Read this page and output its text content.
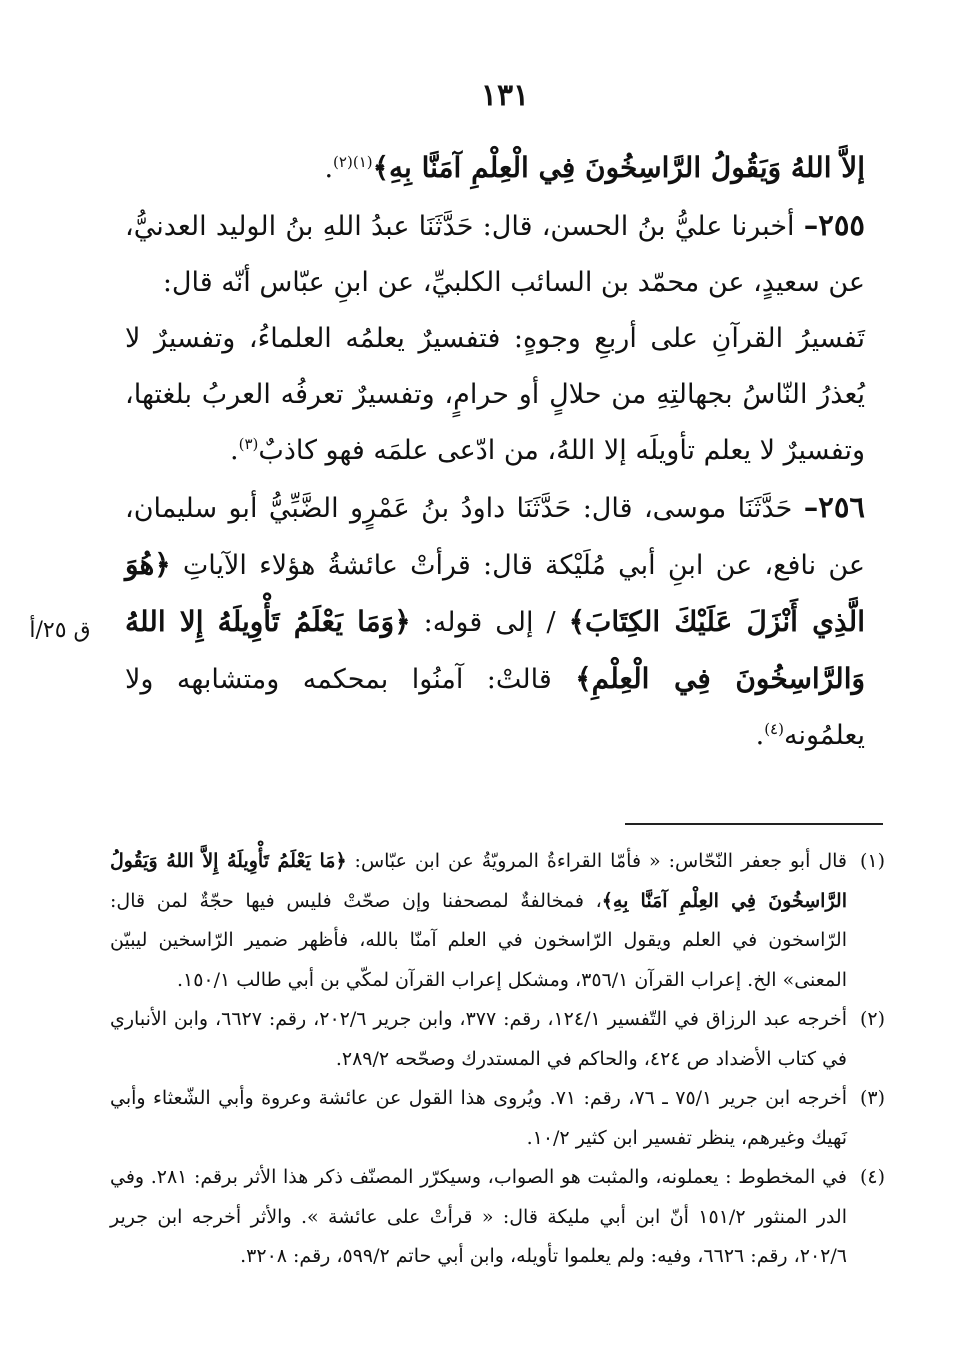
١٣١
ق ٢٥/أ

إلاَّ اللهُ وَيَقُولُ الرَّاسِخُونَ فِي الْعِلْمِ آمَنَّا بِهِ﴾$^{(١)(٢)}$.

٢٥٥– أخبرنا عليُّ بنُ الحسن، قال: حَدَّثَنَا عبدُ اللهِ بنُ الوليد العدنيُّ، عن سعيدٍ، عن محمّد بن السائب الكلبيِّ، عن ابنِ عبّاس أنّه قال:

تَفسيرُ القرآنِ على أربعِ وجوهٍ: فتفسيرٌ يعلمُه العلماءُ، وتفسيرٌ لا يُعذرُ النّاسُ بجهالتِهِ من حلالٍ أو حرامٍ، وتفسيرٌ تعرفُه العربُ بلغتها، وتفسيرٌ لا يعلم تأويلَه إلا اللهُ، من ادّعى علمَه فهو كاذبٌ$^{(٣)}$.

٢٥٦– حَدَّثَنَا موسى، قال: حَدَّثَنَا داودُ بنُ عَمْرٍو الضَّبِّيُّ أبو سليمان، عن نافع، عن ابنِ أبي مُلَيْكة قال: قرأتْ عائشةُ هؤلاء الآياتِ ﴿هُوَ الَّذِي أَنْزَلَ عَلَيْكَ الكِتَابَ﴾ / إلى قوله: ﴿وَمَا يَعْلَمُ تَأْوِيلَهُ إِلا اللهُ وَالرَّاسِخُونَ فِي الْعِلْمِ﴾ قالتْ: آمنُوا بمحكمه ومتشابهه ولا يعلمُونه$^{(٤)}$.

(١)
قال أبو جعفر النّحّاس: « فأمّا القراءةُ المرويّةُ عن ابن عبّاس: ﴿مَا يَعْلَمُ تَأْوِيلَهُ إِلاَّ اللهُ وَيَقُولُ الرَّاسِخُونَ فِي العِلْمِ آمَنَّا بِهِ﴾، فمخالفةٌ لمصحفنا وإن صحّتْ فليس فيها حجّةٌ لمن قال: الرّاسخون في العلم ويقول الرّاسخون في العلم آمنّا بالله، فأظهر ضمير الرّاسخين ليبيّن المعنى» الخ. إعراب القرآن ٣٥٦/١، ومشكل إعراب القرآن لمكّي بن أبي طالب ١٥٠/١.

(٢)
أخرجه عبد الرزاق في التّفسير ١٢٤/١، رقم: ٣٧٧، وابن جرير ٢٠٢/٦، رقم: ٦٦٢٧، وابن الأنباري في كتاب الأضداد ص ٤٢٤، والحاكم في المستدرك وصحّحه ٢٨٩/٢.

(٣)
أخرجه ابن جرير ٧٥/١ ـ ٧٦، رقم: ٧١. ويُروى هذا القول عن عائشة وعروة وأبي الشّعثاء وأبي نَهيك وغيرهم، ينظر تفسير ابن كثير ١٠/٢.

(٤)
في المخطوط : يعملونه، والمثبت هو الصواب، وسيكرّر المصنّف ذكر هذا الأثر برقم: ٢٨١. وفي الدر المنثور ١٥١/٢ أنّ ابن أبي مليكة قال: « قرأتْ على عائشة ». والأثر أخرجه ابن جرير ٢٠٢/٦، رقم: ٦٦٢٦، وفيه: ولم يعلموا تأويله، وابن أبي حاتم ٥٩٩/٢، رقم: ٣٢٠٨.
